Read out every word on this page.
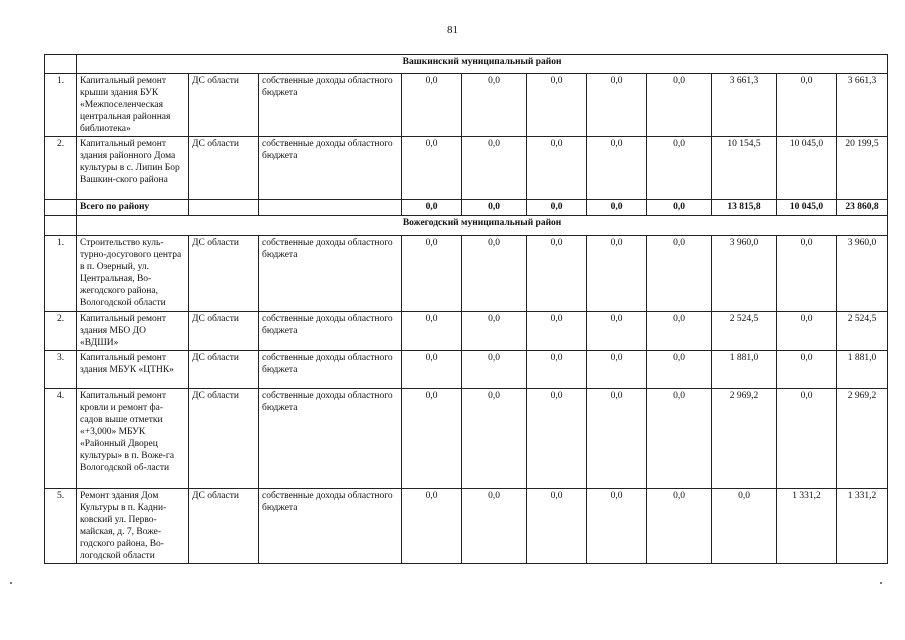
81
	Вашкинский муниципальный район										
1.	Капитальный ремонт крыши здания БУК «Межпоселенческая центральная районная библиотека»	ДС области	собственные доходы областного бюджета	0,0	0,0	0,0	0,0	0,0	3 661,3	0,0	3 661,3
2.	Капитальный ремонт здания районного Дома культуры в с. Липин Бор Вашкин-ского района	ДС области	собственные доходы областного бюджета	0,0	0,0	0,0	0,0	0,0	10 154,5	10 045,0	20 199,5
	Всего по району			0,0	0,0	0,0	0,0	0,0	13 815,8	10 045,0	23 860,8
	Вожегодский муниципальный район										
1.	Строительство куль-турно-досугового центра в п. Озерный, ул. Центральная, Во-жегодского района, Вологодской области	ДС области	собственные доходы областного бюджета	0,0	0,0	0,0	0,0	0,0	3 960,0	0,0	3 960,0
2.	Капитальный ремонт здания МБО ДО «ВДШИ»	ДС области	собственные доходы областного бюджета	0,0	0,0	0,0	0,0	0,0	2 524,5	0,0	2 524,5
3.	Капитальный ремонт здания МБУК «ЦТНК»	ДС области	собственные доходы областного бюджета	0,0	0,0	0,0	0,0	0,0	1 881,0	0,0	1 881,0
4.	Капитальный ремонт кровли и ремонт фа-садов выше отметки «+3,000» МБУК «Районный Дворец культуры» в п. Воже-га Вологодской об-ласти	ДС области	собственные доходы областного бюджета	0,0	0,0	0,0	0,0	0,0	2 969,2	0,0	2 969,2
5.	Ремонт здания Дом Культуры в п. Кадни-ковский ул. Перво-майская, д. 7, Воже-годского района, Во-логодской области	ДС области	собственные доходы областного бюджета	0,0	0,0	0,0	0,0	0,0	0,0	1 331,2	1 331,2
